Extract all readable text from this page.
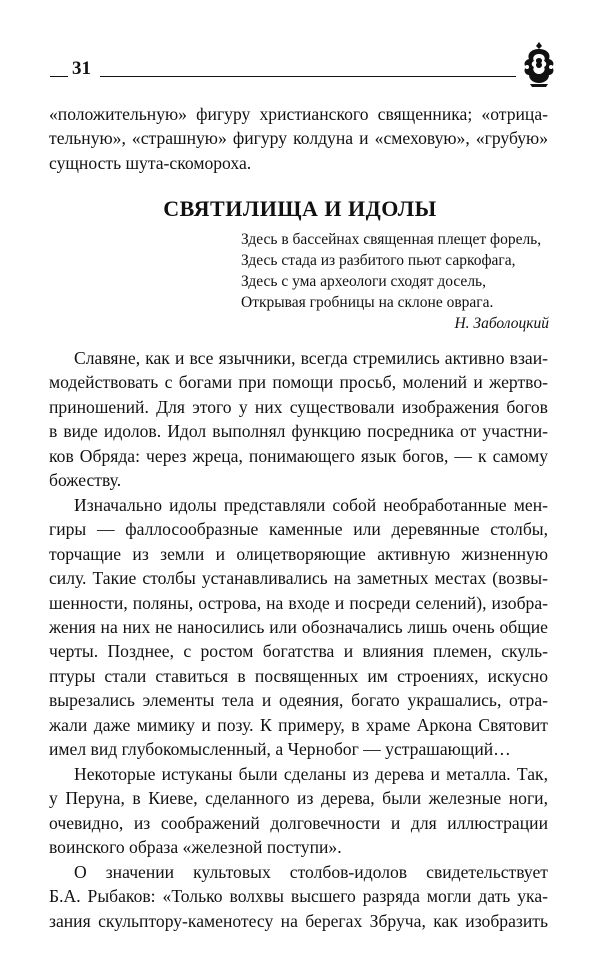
31
«положительную» фигуру христианского священника; «отрица-
тельную», «страшную» фигуру колдуна и «смеховую», «грубую»
сущность шута-скомороха.
СВЯТИЛИЩА И ИДОЛЫ
Здесь в бассейнах священная плещет форель,
Здесь стада из разбитого пьют саркофага,
Здесь с ума археологи сходят досель,
Открывая гробницы на склоне оврага.
Н. Заболоцкий
Славяне, как и все язычники, всегда стремились активно взаи-
модействовать с богами при помощи просьб, молений и жертво-
приношений. Для этого у них существовали изображения богов
в виде идолов. Идол выполнял функцию посредника от участни-
ков Обряда: через жреца, понимающего язык богов, — к самому
божеству.
Изначально идолы представляли собой необработанные мен-
гиры — фаллосообразные каменные или деревянные столбы,
торчащие из земли и олицетворяющие активную жизненную
силу. Такие столбы устанавливались на заметных местах (возвы-
шенности, поляны, острова, на входе и посреди селений), изобра-
жения на них не наносились или обозначались лишь очень общие
черты. Позднее, с ростом богатства и влияния племен, скуль-
птуры стали ставиться в посвященных им строениях, искусно
вырезались элементы тела и одеяния, богато украшались, отра-
жали даже мимику и позу. К примеру, в храме Аркона Святовит
имел вид глубокомысленный, а Чернобог — устрашающий…
Некоторые истуканы были сделаны из дерева и металла. Так,
у Перуна, в Киеве, сделанного из дерева, были железные ноги,
очевидно, из соображений долговечности и для иллюстрации
воинского образа «железной поступи».
О значении культовых столбов-идолов свидетельствует
Б.А. Рыбаков: «Только волхвы высшего разряда могли дать ука-
зания скульптору-каменотесу на берегах Збруча, как изобразить
